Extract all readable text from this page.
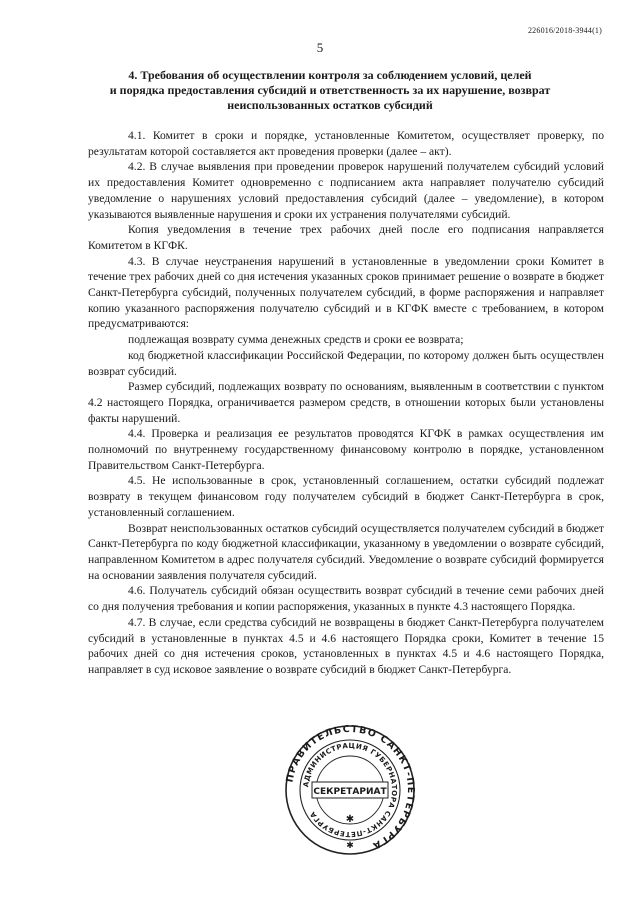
226016/2018-3944(1)
5
4. Требования об осуществлении контроля за соблюдением условий, целей
и порядка предоставления субсидий и ответственность за их нарушение, возврат
неиспользованных остатков субсидий

4.1. Комитет в сроки и порядке, установленные Комитетом, осуществляет проверку, по результатам которой составляется акт проведения проверки (далее – акт).

4.2. В случае выявления при проведении проверок нарушений получателем субсидий условий их предоставления Комитет одновременно с подписанием акта направляет получателю субсидий уведомление о нарушениях условий предоставления субсидий (далее – уведомление), в котором указываются выявленные нарушения и сроки их устранения получателями субсидий.

Копия уведомления в течение трех рабочих дней после его подписания направляется Комитетом в КГФК.

4.3. В случае неустранения нарушений в установленные в уведомлении сроки Комитет в течение трех рабочих дней со дня истечения указанных сроков принимает решение о возврате в бюджет Санкт-Петербурга субсидий, полученных получателем субсидий, в форме распоряжения и направляет копию указанного распоряжения получателю субсидий и в КГФК вместе с требованием, в котором предусматриваются:

подлежащая возврату сумма денежных средств и сроки ее возврата;

код бюджетной классификации Российской Федерации, по которому должен быть осуществлен возврат субсидий.

Размер субсидий, подлежащих возврату по основаниям, выявленным в соответствии с пунктом 4.2 настоящего Порядка, ограничивается размером средств, в отношении которых были установлены факты нарушений.

4.4. Проверка и реализация ее результатов проводятся КГФК в рамках осуществления им полномочий по внутреннему государственному финансовому контролю в порядке, установленном Правительством Санкт-Петербурга.

4.5. Не использованные в срок, установленный соглашением, остатки субсидий подлежат возврату в текущем финансовом году получателем субсидий в бюджет Санкт-Петербурга в срок, установленный соглашением.

Возврат неиспользованных остатков субсидий осуществляется получателем субсидий в бюджет Санкт-Петербурга по коду бюджетной классификации, указанному в уведомлении о возврате субсидий, направленном Комитетом в адрес получателя субсидий. Уведомление о возврате субсидий формируется на основании заявления получателя субсидий.

4.6. Получатель субсидий обязан осуществить возврат субсидий в течение семи рабочих дней со дня получения требования и копии распоряжения, указанных в пункте 4.3 настоящего Порядка.

4.7. В случае, если средства субсидий не возвращены в бюджет Санкт-Петербурга получателем субсидий в установленные в пунктах 4.5 и 4.6 настоящего Порядка сроки, Комитет в течение 15 рабочих дней со дня истечения сроков, установленных в пунктах 4.5 и 4.6 настоящего Порядка, направляет в суд исковое заявление о возврате субсидий в бюджет Санкт-Петербурга.

ПРАВИТЕЛЬСТВО САНКТ-ПЕТЕРБУРГА
АДМИНИСТРАЦИЯ ГУБЕРНАТОРА САНКТ-ПЕТЕРБУРГА
СЕКРЕТАРИАТ
✱
✱
